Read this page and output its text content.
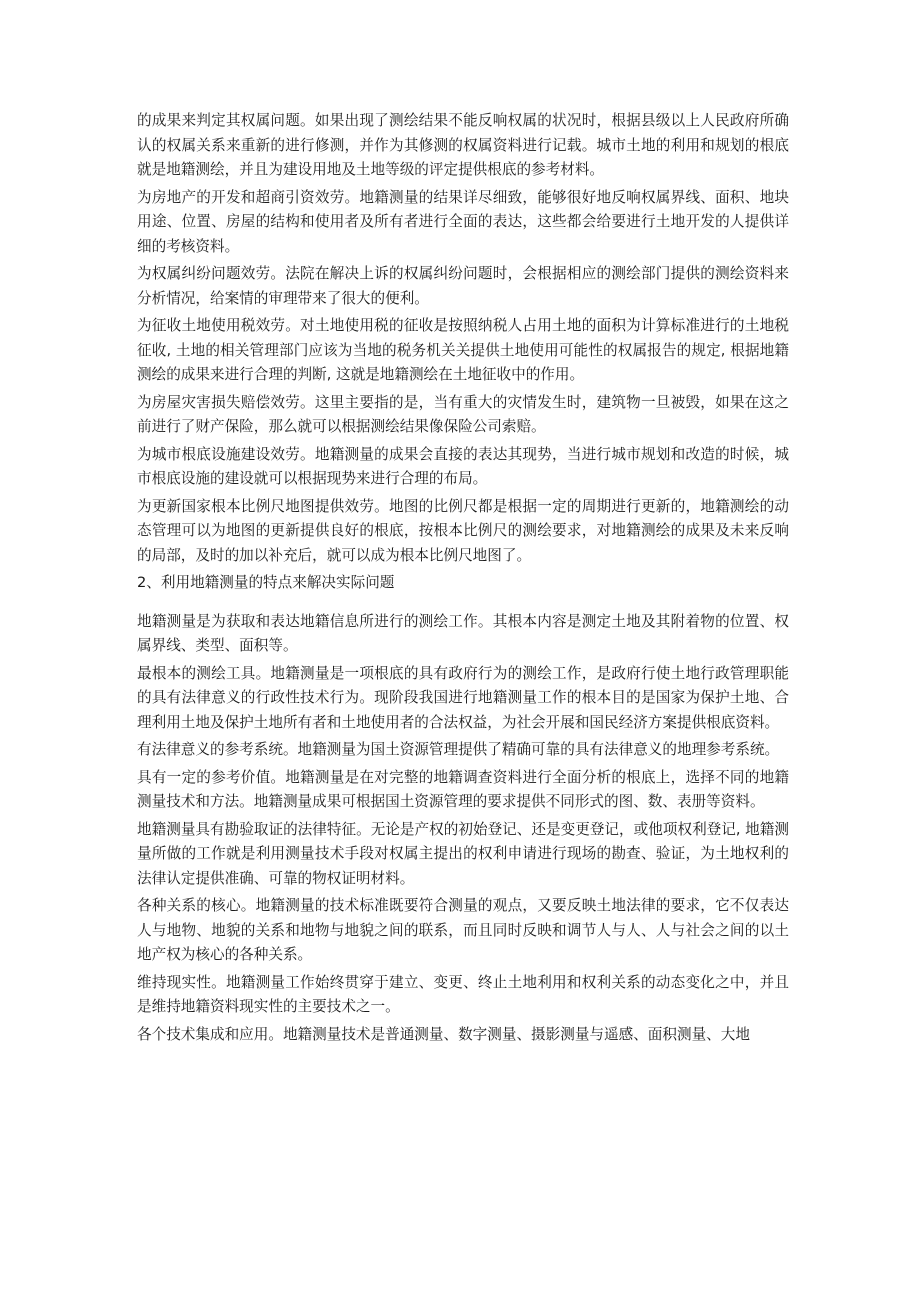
的成果来判定其权属问题。如果出现了测绘结果不能反响权属的状况时，根据县级以上人民政府所确认的权属关系来重新的进行修测，并作为其修测的权属资料进行记载。城市土地的利用和规划的根底就是地籍测绘，并且为建设用地及土地等级的评定提供根底的参考材料。

为房地产的开发和超商引资效劳。地籍测量的结果详尽细致，能够很好地反响权属界线、面积、地块用途、位置、房屋的结构和使用者及所有者进行全面的表达，这些都会给要进行土地开发的人提供详细的考核资料。

为权属纠纷问题效劳。法院在解决上诉的权属纠纷问题时，会根据相应的测绘部门提供的测绘资料来分析情况，给案情的审理带来了很大的便利。

为征收土地使用税效劳。对土地使用税的征收是按照纳税人占用土地的面积为计算标准进行的土地税征收, 土地的相关管理部门应该为当地的税务机关关提供土地使用可能性的权属报告的规定, 根据地籍测绘的成果来进行合理的判断, 这就是地籍测绘在土地征收中的作用。

为房屋灾害损失赔偿效劳。这里主要指的是，当有重大的灾情发生时，建筑物一旦被毁，如果在这之前进行了财产保险，那么就可以根据测绘结果像保险公司索赔。

为城市根底设施建设效劳。地籍测量的成果会直接的表达其现势，当进行城市规划和改造的时候，城市根底设施的建设就可以根据现势来进行合理的布局。

为更新国家根本比例尺地图提供效劳。地图的比例尺都是根据一定的周期进行更新的，地籍测绘的动态管理可以为地图的更新提供良好的根底，按根本比例尺的测绘要求，对地籍测绘的成果及未来反响的局部，及时的加以补充后，就可以成为根本比例尺地图了。

2、利用地籍测量的特点来解决实际问题

地籍测量是为获取和表达地籍信息所进行的测绘工作。其根本内容是测定土地及其附着物的位置、权属界线、类型、面积等。

最根本的测绘工具。地籍测量是一项根底的具有政府行为的测绘工作，是政府行使土地行政管理职能的具有法律意义的行政性技术行为。现阶段我国进行地籍测量工作的根本目的是国家为保护土地、合理利用土地及保护土地所有者和土地使用者的合法权益，为社会开展和国民经济方案提供根底资料。

有法律意义的参考系统。地籍测量为国土资源管理提供了精确可靠的具有法律意义的地理参考系统。

具有一定的参考价值。地籍测量是在对完整的地籍调查资料进行全面分析的根底上，选择不同的地籍测量技术和方法。地籍测量成果可根据国土资源管理的要求提供不同形式的图、数、表册等资料。

地籍测量具有勘验取证的法律特征。无论是产权的初始登记、还是变更登记，或他项权利登记, 地籍测量所做的工作就是利用测量技术手段对权属主提出的权利申请进行现场的勘查、验证，为土地权利的法律认定提供准确、可靠的物权证明材料。

各种关系的核心。地籍测量的技术标准既要符合测量的观点，又要反映土地法律的要求，它不仅表达人与地物、地貌的关系和地物与地貌之间的联系，而且同时反映和调节人与人、人与社会之间的以土地产权为核心的各种关系。

维持现实性。地籍测量工作始终贯穿于建立、变更、终止土地利用和权利关系的动态变化之中，并且是维持地籍资料现实性的主要技术之一。

各个技术集成和应用。地籍测量技术是普通测量、数字测量、摄影测量与遥感、面积测量、大地
